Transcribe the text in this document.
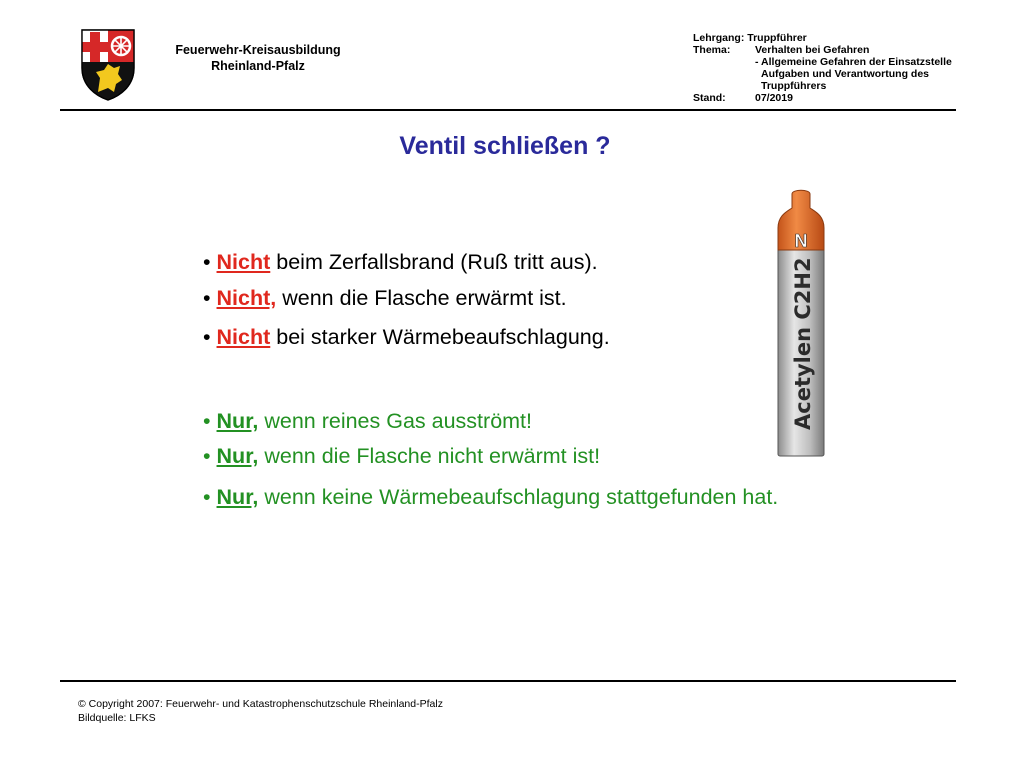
Feuerwehr-Kreisausbildung
Rheinland-Pfalz
Lehrgang:
Truppführer
Thema:	Verhalten bei Gefahren
- Allgemeine Gefahren der Einsatzstelle
Aufgaben und Verantwortung des
Truppführers
Stand:	07/2019
Ventil schließen ?
• Nicht beim Zerfallsbrand (Ruß tritt aus).
• Nicht, wenn die Flasche erwärmt ist.
• Nicht bei starker Wärmebeaufschlagung.
• Nur, wenn reines Gas ausströmt!
• Nur, wenn die Flasche nicht erwärmt ist!
• Nur, wenn keine Wärmebeaufschlagung stattgefunden hat.
N
Acetylen C2H2
© Copyright 2007: Feuerwehr- und Katastrophenschutzschule Rheinland-Pfalz
Bildquelle: LFKS
